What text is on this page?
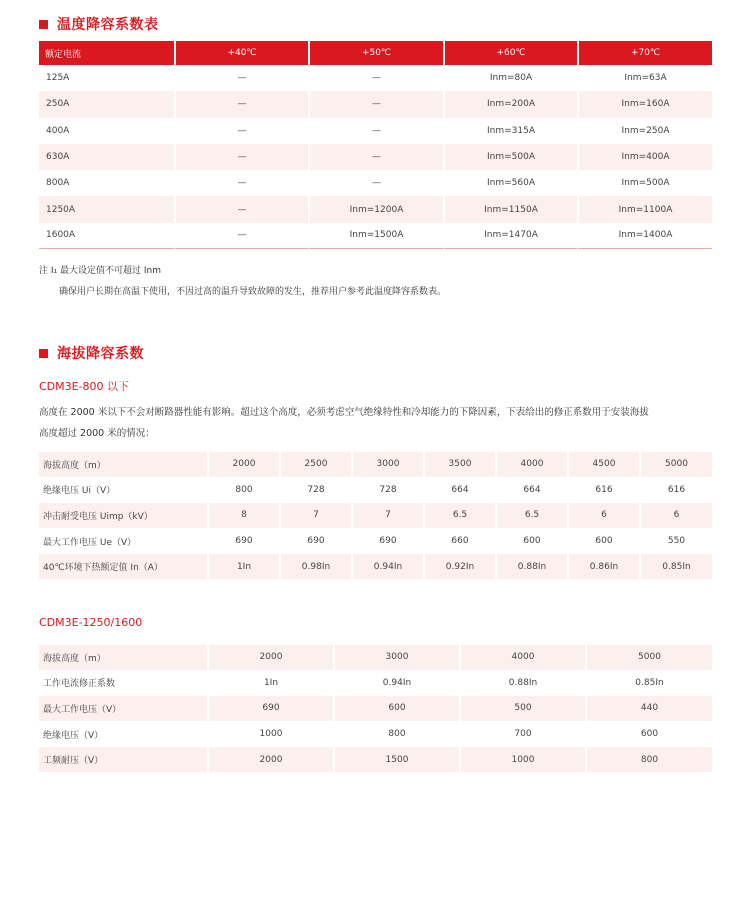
温度降容系数表
额定电流	+40℃	+50℃	+60℃	+70℃
125A	—	—	Inm=80A	Inm=63A
250A	—	—	Inm=200A	Inm=160A
400A	—	—	Inm=315A	Inm=250A
630A	—	—	Inm=500A	Inm=400A
800A	—	—	Inm=560A	Inm=500A
1250A	—	Inm=1200A	Inm=1150A	Inm=1100A
1600A	—	Inm=1500A	Inm=1470A	Inm=1400A
注 I₁ 最大设定值不可超过 Inm
确保用户长期在高温下使用，不因过高的温升导致故障的发生，推荐用户参考此温度降容系数表。
海拔降容系数
CDM3E-800 以下
高度在 2000 米以下不会对断路器性能有影响。超过这个高度，必须考虑空气绝缘特性和冷却能力的下降因素，下表给出的修正系数用于安装海拔
高度超过 2000 米的情况：
海拔高度（m）	2000	2500	3000	3500	4000	4500	5000
绝缘电压 Ui（V）	800	728	728	664	664	616	616
冲击耐受电压 Uimp（kV）	8	7	7	6.5	6.5	6	6
最大工作电压 Ue（V）	690	690	690	660	600	600	550
40℃环境下热额定值 In（A）	1In	0.98In	0.94In	0.92In	0.88In	0.86In	0.85In
CDM3E-1250/1600
海拔高度（m）	2000	3000	4000	5000
工作电流修正系数	1In	0.94In	0.88In	0.85In
最大工作电压（V）	690	600	500	440
绝缘电压（V）	1000	800	700	600
工频耐压（V）	2000	1500	1000	800
